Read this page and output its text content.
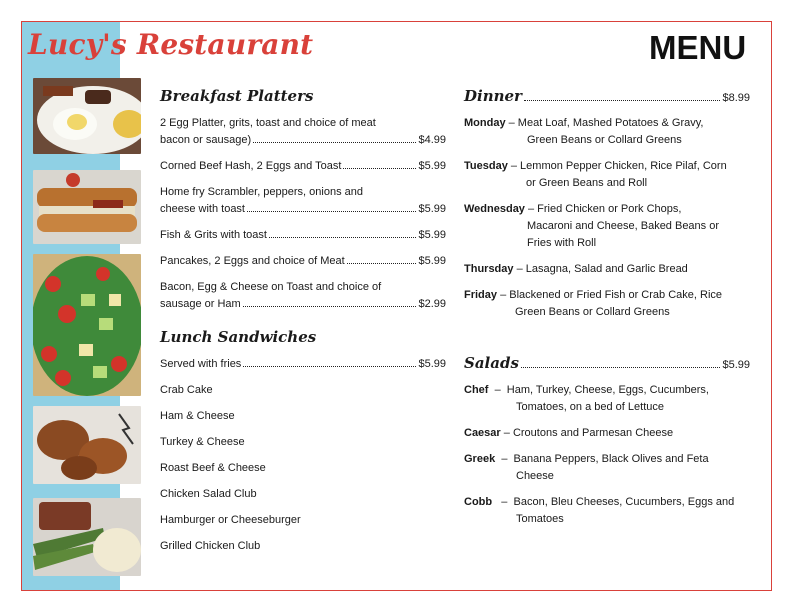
Lucy's Restaurant	MENU
Breakfast Platters
2 Egg Platter, grits, toast and choice of meat
bacon or sausage)	$4.99
Corned Beef Hash, 2 Eggs and Toast	$5.99
Home fry Scrambler, peppers, onions and
cheese with toast	$5.99
Fish & Grits with toast	$5.99
Pancakes, 2 Eggs and choice of Meat	$5.99
Bacon, Egg & Cheese on Toast and choice of
sausage or Ham	$2.99
Lunch Sandwiches
Served with fries	$5.99
Crab Cake
Ham & Cheese
Turkey & Cheese
Roast Beef & Cheese
Chicken Salad Club
Hamburger or Cheeseburger
Grilled Chicken Club
Dinner	$8.99
Monday – Meat Loaf, Mashed Potatoes & Gravy,
Green Beans or Collard Greens
Tuesday – Lemmon Pepper Chicken, Rice Pilaf, Corn
or Green Beans and Roll
Wednesday – Fried Chicken or Pork Chops,
Macaroni and Cheese, Baked Beans or
Fries with Roll
Thursday – Lasagna, Salad and Garlic Bread
Friday – Blackened or Fried Fish or Crab Cake, Rice
Green Beans or Collard Greens
Salads	$5.99
Chef  –  Ham, Turkey, Cheese, Eggs, Cucumbers,
Tomatoes, on a bed of Lettuce
Caesar – Croutons and Parmesan Cheese
Greek  –  Banana Peppers, Black Olives and Feta
Cheese
Cobb   –  Bacon, Bleu Cheeses, Cucumbers, Eggs and
Tomatoes
